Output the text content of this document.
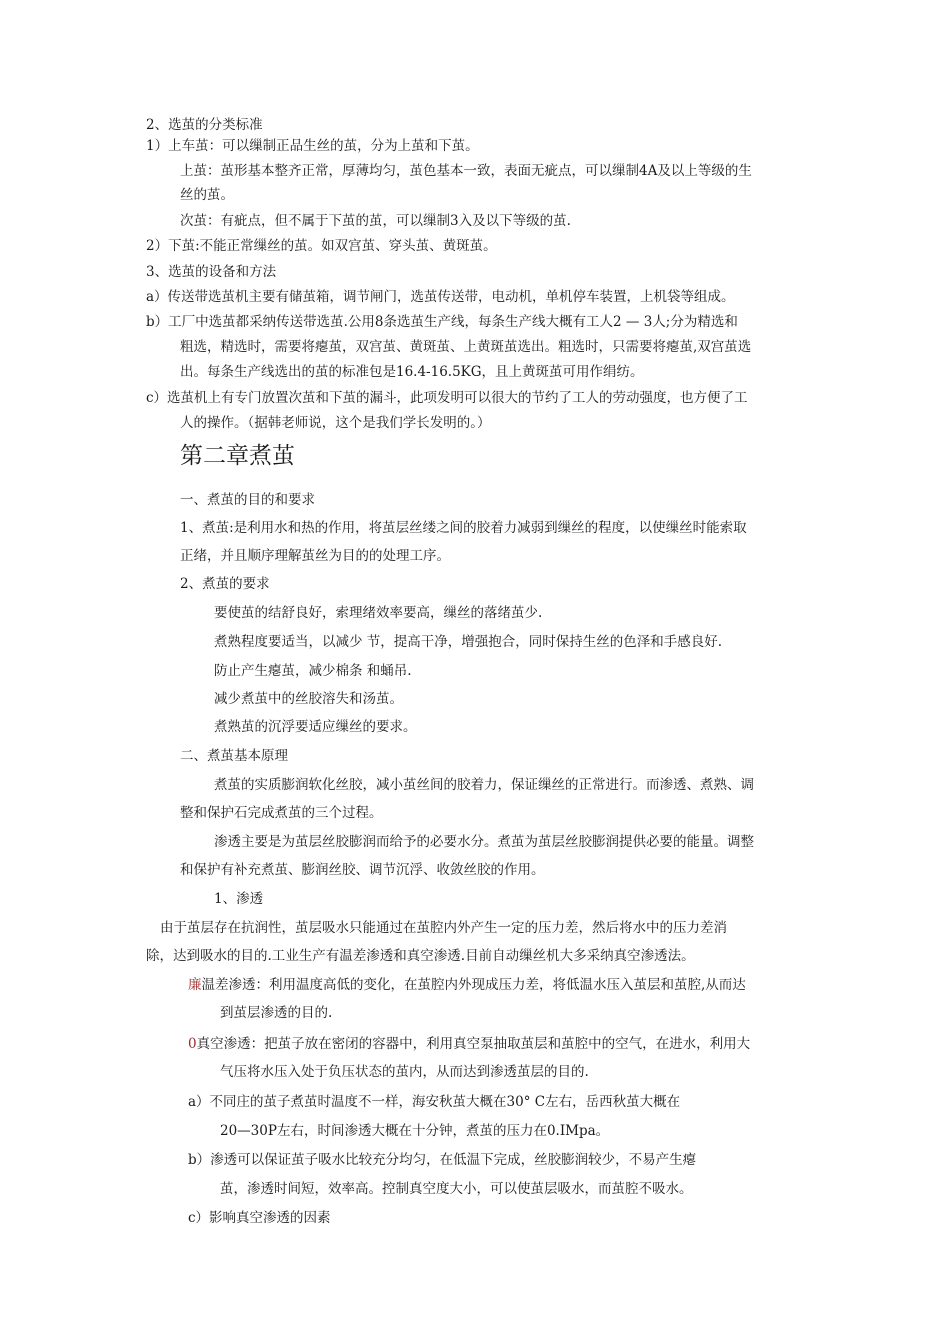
2、选茧的分类标准

1）上车茧：可以缫制正品生丝的茧，分为上茧和下茧。

上茧：茧形基本整齐正常，厚薄均匀，茧色基本一致，表面无疵点，可以缫制4A及以上等级的生

丝的茧。

次茧：有疵点，但不属于下茧的茧，可以缫制3入及以下等级的茧.

2）下茧:不能正常缫丝的茧。如双宫茧、穿头茧、黄斑茧。

3、选茧的设备和方法

a）传送带选茧机主要有储茧箱，调节闸门，选茧传送带，电动机，单机停车装置，上机袋等组成。

b）工厂中选茧都采纳传送带选茧.公用8条选茧生产线，每条生产线大概有工人2 — 3人;分为精选和

粗选，精选时，需要将瘪茧，双宫茧、黄斑茧、上黄斑茧选出。粗选时，只需要将瘪茧,双宫茧选

出。每条生产线选出的茧的标准包是16.4-16.5KG，且上黄斑茧可用作绢纺。

c）选茧机上有专门放置次茧和下茧的漏斗，此项发明可以很大的节约了工人的劳动强度，也方便了工

人的操作。（据韩老师说，这个是我们学长发明的。）

第二章煮茧

一、煮茧的目的和要求

1、煮茧:是利用水和热的作用，将茧层丝缕之间的胶着力减弱到缫丝的程度，以使缫丝时能索取

正绪，并且顺序理解茧丝为目的的处理工序。

2、煮茧的要求

要使茧的结舒良好，索理绪效率要高，缫丝的落绪茧少.

煮熟程度要适当，以减少 节，提高干净，增强抱合，同时保持生丝的色泽和手感良好.

防止产生瘪茧，减少棉条 和蛹吊.

减少煮茧中的丝胶溶失和汤茧。

煮熟茧的沉浮要适应缫丝的要求。

二、煮茧基本原理

煮茧的实质膨润软化丝胶，减小茧丝间的胶着力，保证缫丝的正常进行。而渗透、煮熟、调

整和保护石完成煮茧的三个过程。

渗透主要是为茧层丝胶膨润而给予的必要水分。煮茧为茧层丝胶膨润提供必要的能量。调整

和保护有补充煮茧、膨润丝胶、调节沉浮、收敛丝胶的作用。

1、渗透

由于茧层存在抗润性，茧层吸水只能通过在茧腔内外产生一定的压力差，然后将水中的压力差消

除，达到吸水的目的.工业生产有温差渗透和真空渗透.目前自动缫丝机大多采纳真空渗透法。

廉温差渗透：利用温度高低的变化，在茧腔内外现成压力差，将低温水压入茧层和茧腔,从而达

到茧层渗透的目的.

0真空渗透：把茧子放在密闭的容器中，利用真空泵抽取茧层和茧腔中的空气，在进水，利用大

气压将水压入处于负压状态的茧内，从而达到渗透茧层的目的.

a）不同庄的茧子煮茧时温度不一样，海安秋茧大概在30° C左右，岳西秋茧大概在

20—30P左右，时间渗透大概在十分钟，煮茧的压力在0.IMpa。

b）渗透可以保证茧子吸水比较充分均匀，在低温下完成，丝胶膨润较少，不易产生瘪

茧，渗透时间短，效率高。控制真空度大小，可以使茧层吸水，而茧腔不吸水。

c）影响真空渗透的因素
